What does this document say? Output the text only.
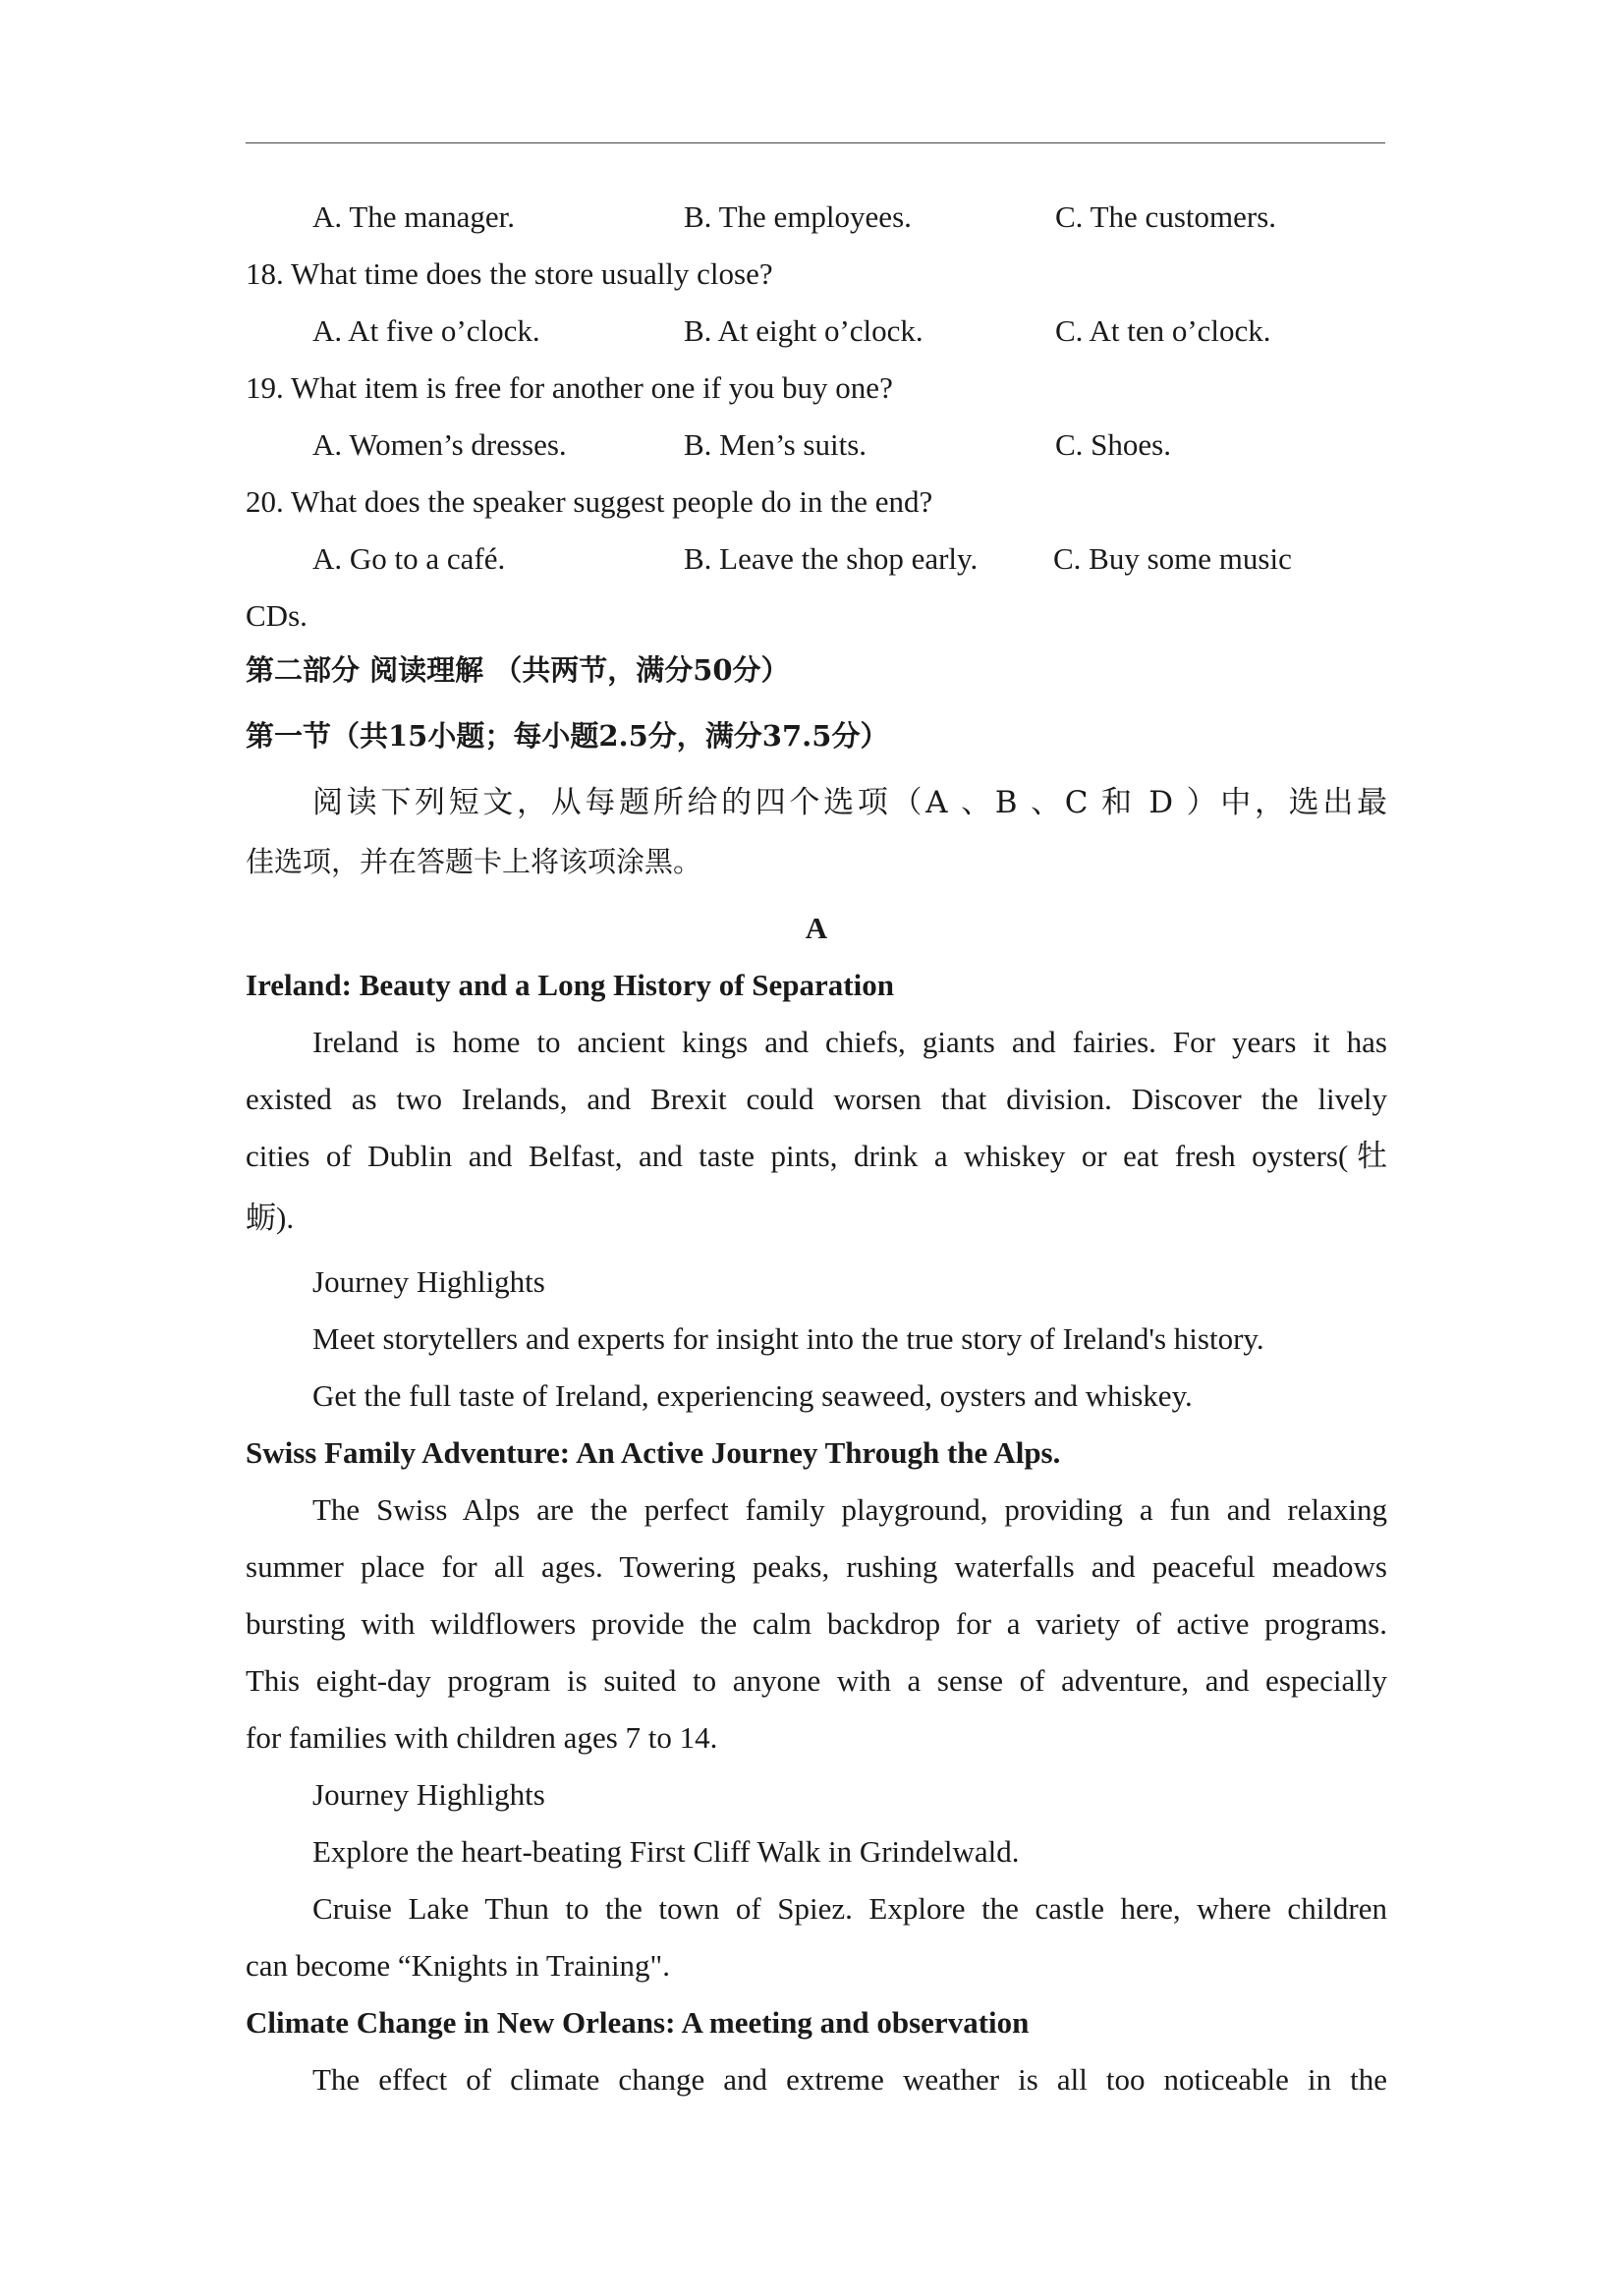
A. The manager.	B. The employees.	C. The customers.
18. What time does the store usually close?
A. At five o’clock.	B. At eight o’clock.	C. At ten o’clock.
19. What item is free for another one if you buy one?
A. Women’s dresses.	B. Men’s suits.	C. Shoes.
20. What does the speaker suggest people do in the end?
A. Go to a café.	B. Leave the shop early. C. Buy some music
CDs.
第二部分 阅读理解 （共两节，满分50分）
第一节（共15小题；每小题2.5分，满分37.5分）
阅读下列短文，从每题所给的四个选项（A 、B 、C 和 D ）中，选出最
佳选项，并在答题卡上将该项涂黑。
A
Ireland: Beauty and a Long History of Separation
Ireland is home to ancient kings and chiefs, giants and fairies. For years it has
existed as two Irelands, and Brexit could worsen that division. Discover the lively
cities of Dublin and Belfast, and taste pints, drink a whiskey or eat fresh oysters(牡
蛎).
Journey Highlights
Meet storytellers and experts for insight into the true story of Ireland's history.
Get the full taste of Ireland, experiencing seaweed, oysters and whiskey.
Swiss Family Adventure: An Active Journey Through the Alps.
The Swiss Alps are the perfect family playground, providing a fun and relaxing
summer place for all ages. Towering peaks, rushing waterfalls and peaceful meadows
bursting with wildflowers provide the calm backdrop for a variety of active programs.
This eight-day program is suited to anyone with a sense of adventure, and especially
for families with children ages 7 to 14.
Journey Highlights
Explore the heart-beating First Cliff Walk in Grindelwald.
Cruise Lake Thun to the town of Spiez. Explore the castle here, where children
can become “Knights in Training".
Climate Change in New Orleans: A meeting and observation
The effect of climate change and extreme weather is all too noticeable in the
